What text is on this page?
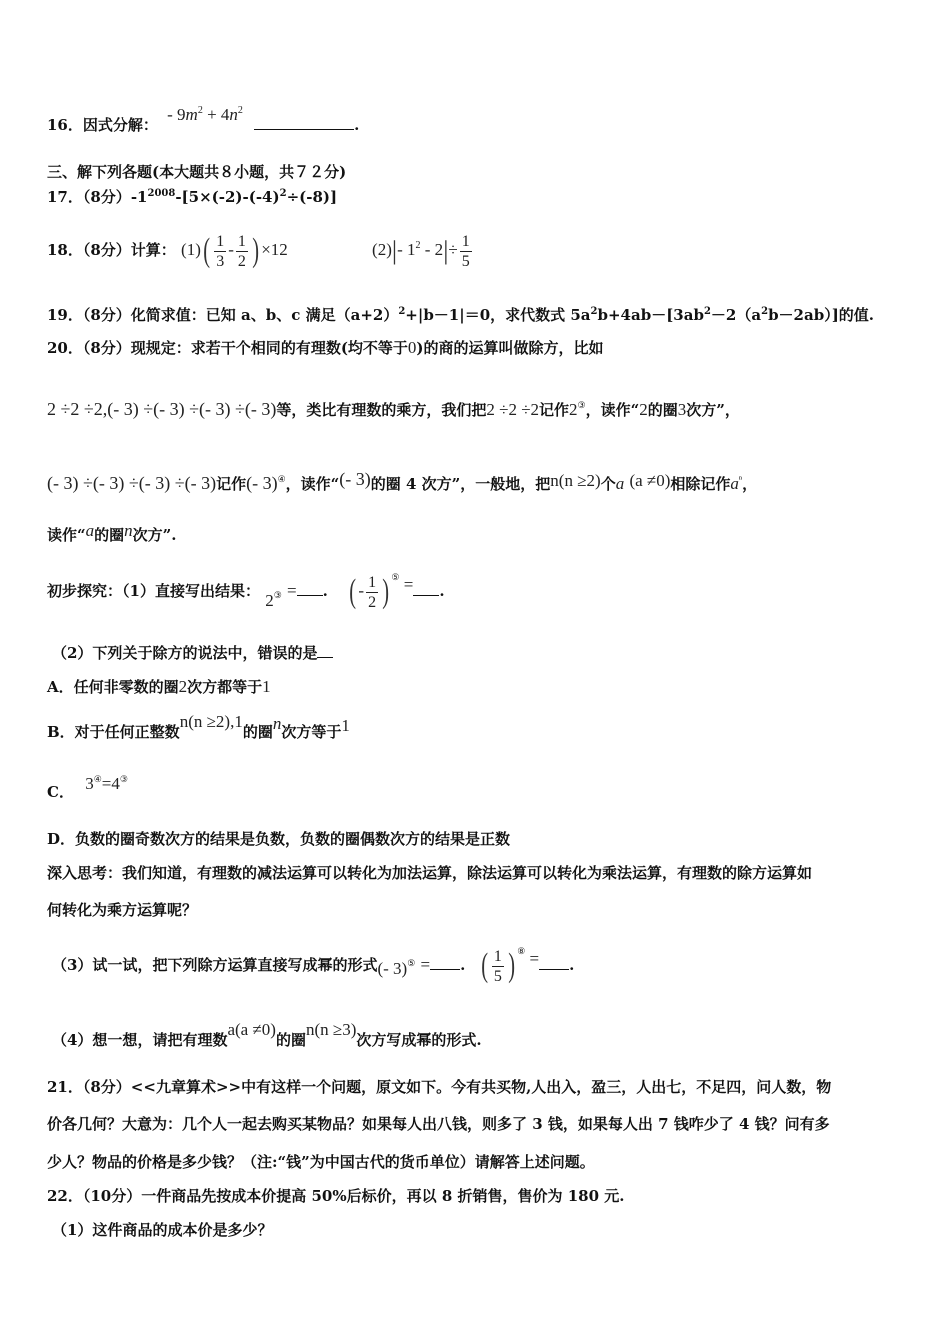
16．因式分解： - $9m^2 + 4n^2$ .
三、解下列各题(本大题共８小题，共７２分)
17．（8分）$-1^{2008}-[5\times(-2)-(-4)^2\div(-8)]$
18．（8分）计算： $(1)( \frac{1}{3} - \frac{1}{2}$ ) ×12	(2)|- $1^2 - 2|\div \frac{1}{5}$
19．（8分）化简求值：已知 a、b、c 满足$(a+2)^2+|b-1|=0$，求代数式 $5a^2b+4ab-[3ab^2-2(a^2b-2ab)]$的值.
20．（8分）现规定：求若干个相同的有理数(均不等于0)的商的运算叫做除方，比如
2 ÷2 ÷2,(- 3) ÷(- 3) ÷(- 3) ÷(- 3)等，类比有理数的乘方，我们把2 ÷2 ÷2记作2③，读作“2的圈3次方”，
(- 3) ÷(- 3) ÷(- 3) ÷(- 3)记作(- 3)④，读作“(- 3)的圈 4 次方”，一般地，把n(n ≥2)个a (a ≠0)相除记作$a^{^n}$，
读作“a的圈n次方”.
初步探究：（1）直接写出结果： 2③ = . ( - $\frac{1}{2}$ ) ⑤ = .
（2）下列关于除方的说法中，错误的是
A．任何非零数的圈2次方都等于1
B．对于任何正整数n(n ≥2),1的圈n次方等于1
C． 3④=4③
D．负数的圈奇数次方的结果是负数，负数的圈偶数次方的结果是正数
深入思考：我们知道，有理数的减法运算可以转化为加法运算，除法运算可以转化为乘法运算，有理数的除方运算如
何转化为乘方运算呢？
（3）试一试，把下列除方运算直接写成幂的形式(- 3)⑤ = . ( $\frac{1}{5}$ ) ⑧ = .
（4）想一想，请把有理数a(a ≠0)的圈n(n ≥3)次方写成幂的形式.
21．（8分）<<九章算术>>中有这样一个问题，原文如下。今有共买物,人出入，盈三，人出七，不足四，问人数，物
价各几何？大意为：几个人一起去购买某物品？如果每人出八钱，则多了 3 钱，如果每人出 7 钱咋少了 4 钱？问有多
少人？物品的价格是多少钱？（注:“钱”为中国古代的货币单位）请解答上述问题。
22．（10分）一件商品先按成本价提高 50%后标价，再以 8 折销售，售价为 180 元.
（1）这件商品的成本价是多少？
